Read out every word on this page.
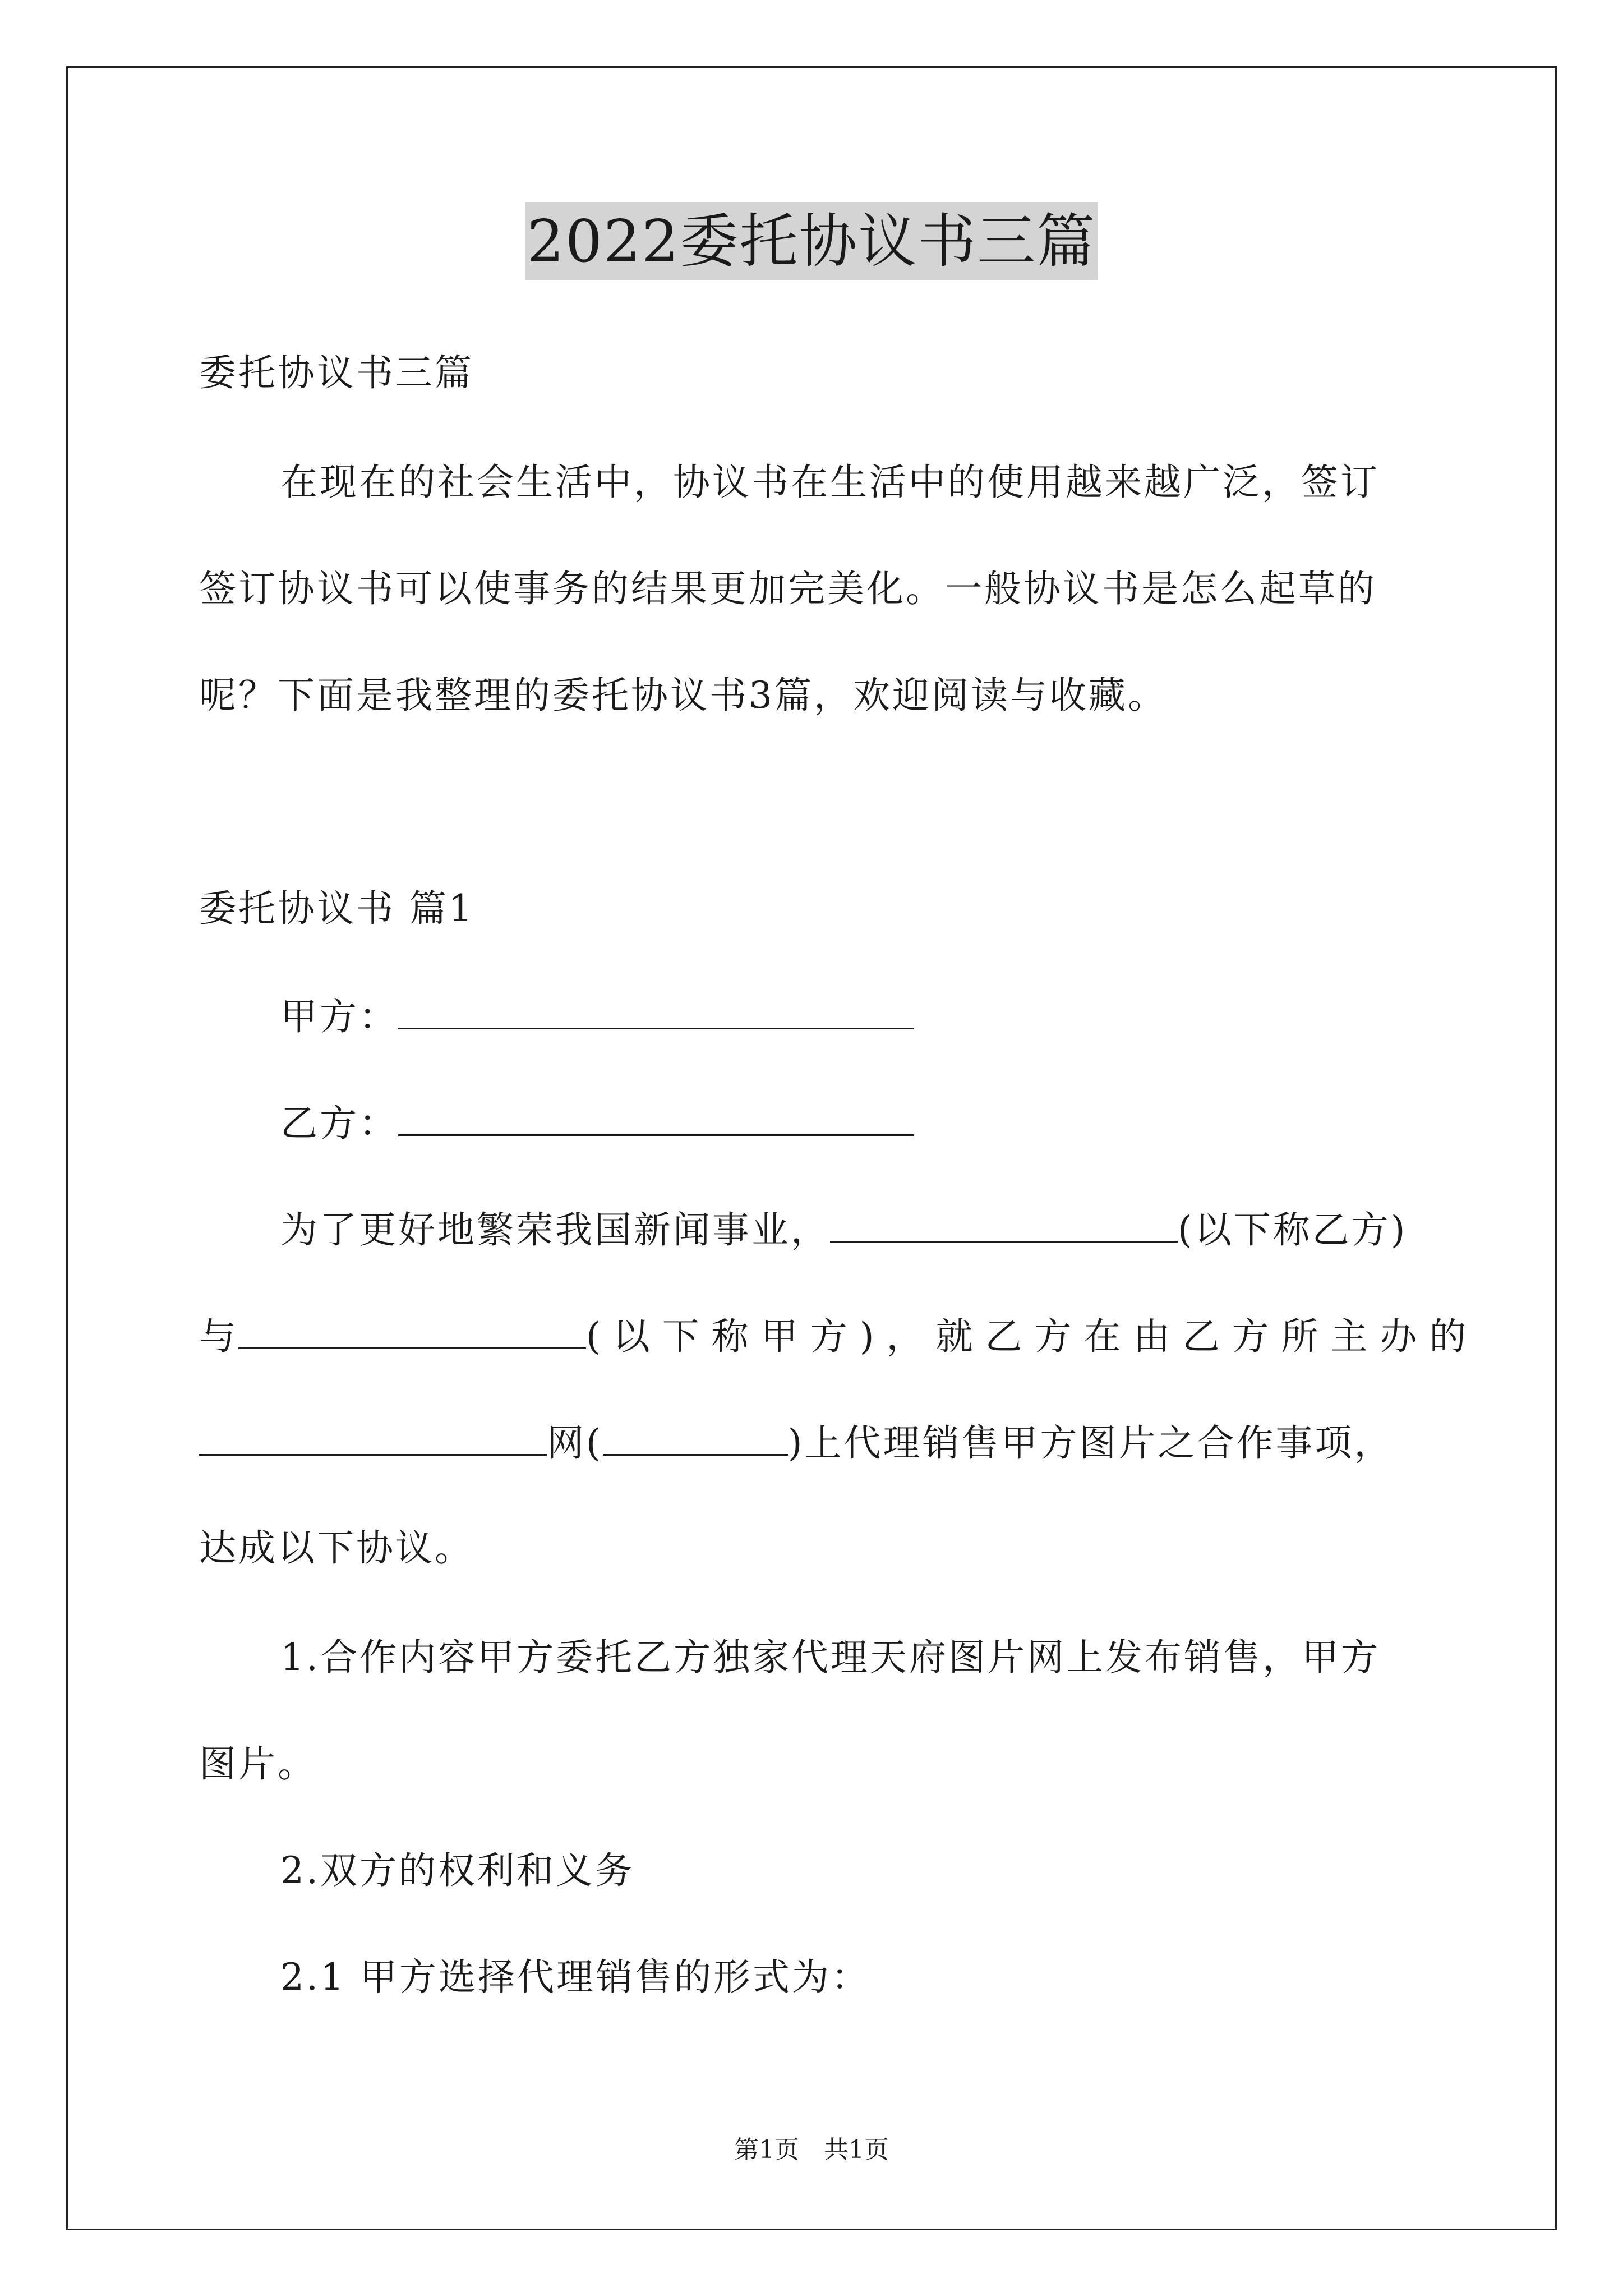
2022委托协议书三篇
委托协议书三篇
在现在的社会生活中，协议书在生活中的使用越来越广泛，签订
签订协议书可以使事务的结果更加完美化。一般协议书是怎么起草的
呢？下面是我整理的委托协议书3篇，欢迎阅读与收藏。
委托协议书 篇1
甲方：
乙方：
为了更好地繁荣我国新闻事业，	(以下称乙方)
与	(以下称甲方)，就乙方在由乙方所主办的
网(	)上代理销售甲方图片之合作事项，
达成以下协议。
1.合作内容甲方委托乙方独家代理天府图片网上发布销售，甲方
图片。
2.双方的权利和义务
2.1 甲方选择代理销售的形式为：
第1页　共1页
